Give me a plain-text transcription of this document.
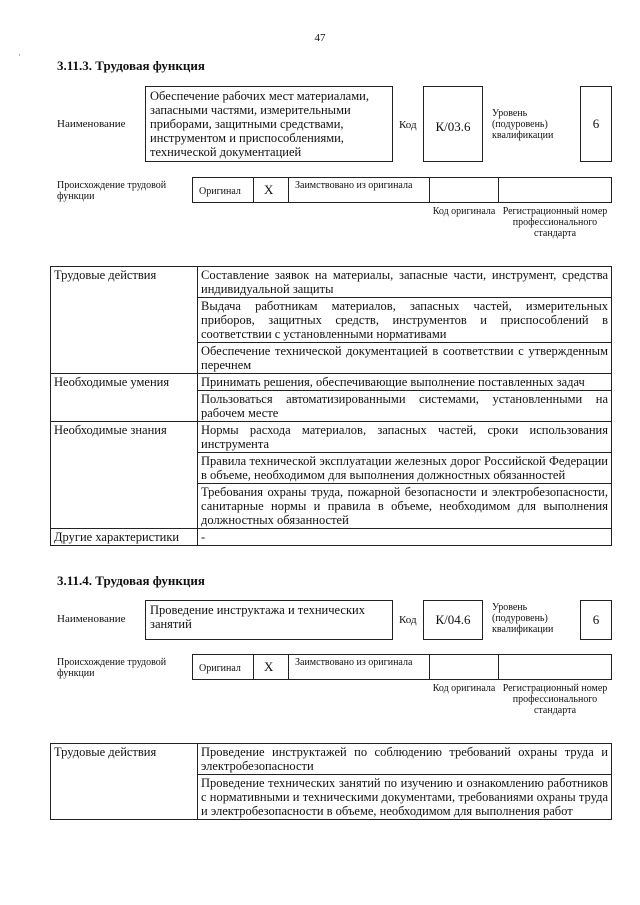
47
·
3.11.3. Трудовая функция
Наименование
Обеспечение рабочих мест материалами, запасными частями, измерительными приборами, защитными средствами, инструментом и приспособлениями, технической документацией
Код	К/03.6
Уровень (подуровень) квалификации
6
Происхождение трудовой функции	Оригинал X Заимствовано из оригинала
Код оригинала Регистрационный номер профессионального стандарта
Трудовые действия	Составление заявок на материалы, запасные части, инструмент, средства индивидуальной защиты
	Выдача работникам материалов, запасных частей, измерительных приборов, защитных средств, инструментов и приспособлений в соответствии с установленными нормативами
	Обеспечение технической документацией в соответствии с утвержденным перечнем
Необходимые умения	Принимать решения, обеспечивающие выполнение поставленных задач
	Пользоваться автоматизированными системами, установленными на рабочем месте
Необходимые знания	Нормы расхода материалов, запасных частей, сроки использования инструмента
	Правила технической эксплуатации железных дорог Российской Федерации в объеме, необходимом для выполнения должностных обязанностей
	Требования охраны труда, пожарной безопасности и электробезопасности, санитарные нормы и правила в объеме, необходимом для выполнения должностных обязанностей
Другие характеристики	-
3.11.4. Трудовая функция
Наименование
Проведение инструктажа и технических занятий	Код	К/04.6
Уровень (подуровень) квалификации
6
Происхождение трудовой функции	Оригинал X Заимствовано из оригинала
Код оригинала Регистрационный номер профессионального стандарта
Трудовые действия	Проведение инструктажей по соблюдению требований охраны труда и электробезопасности
Проведение технических занятий по изучению и ознакомлению работников с нормативными и техническими документами, требованиями охраны труда и электробезопасности в объеме, необходимом для выполнения работ
